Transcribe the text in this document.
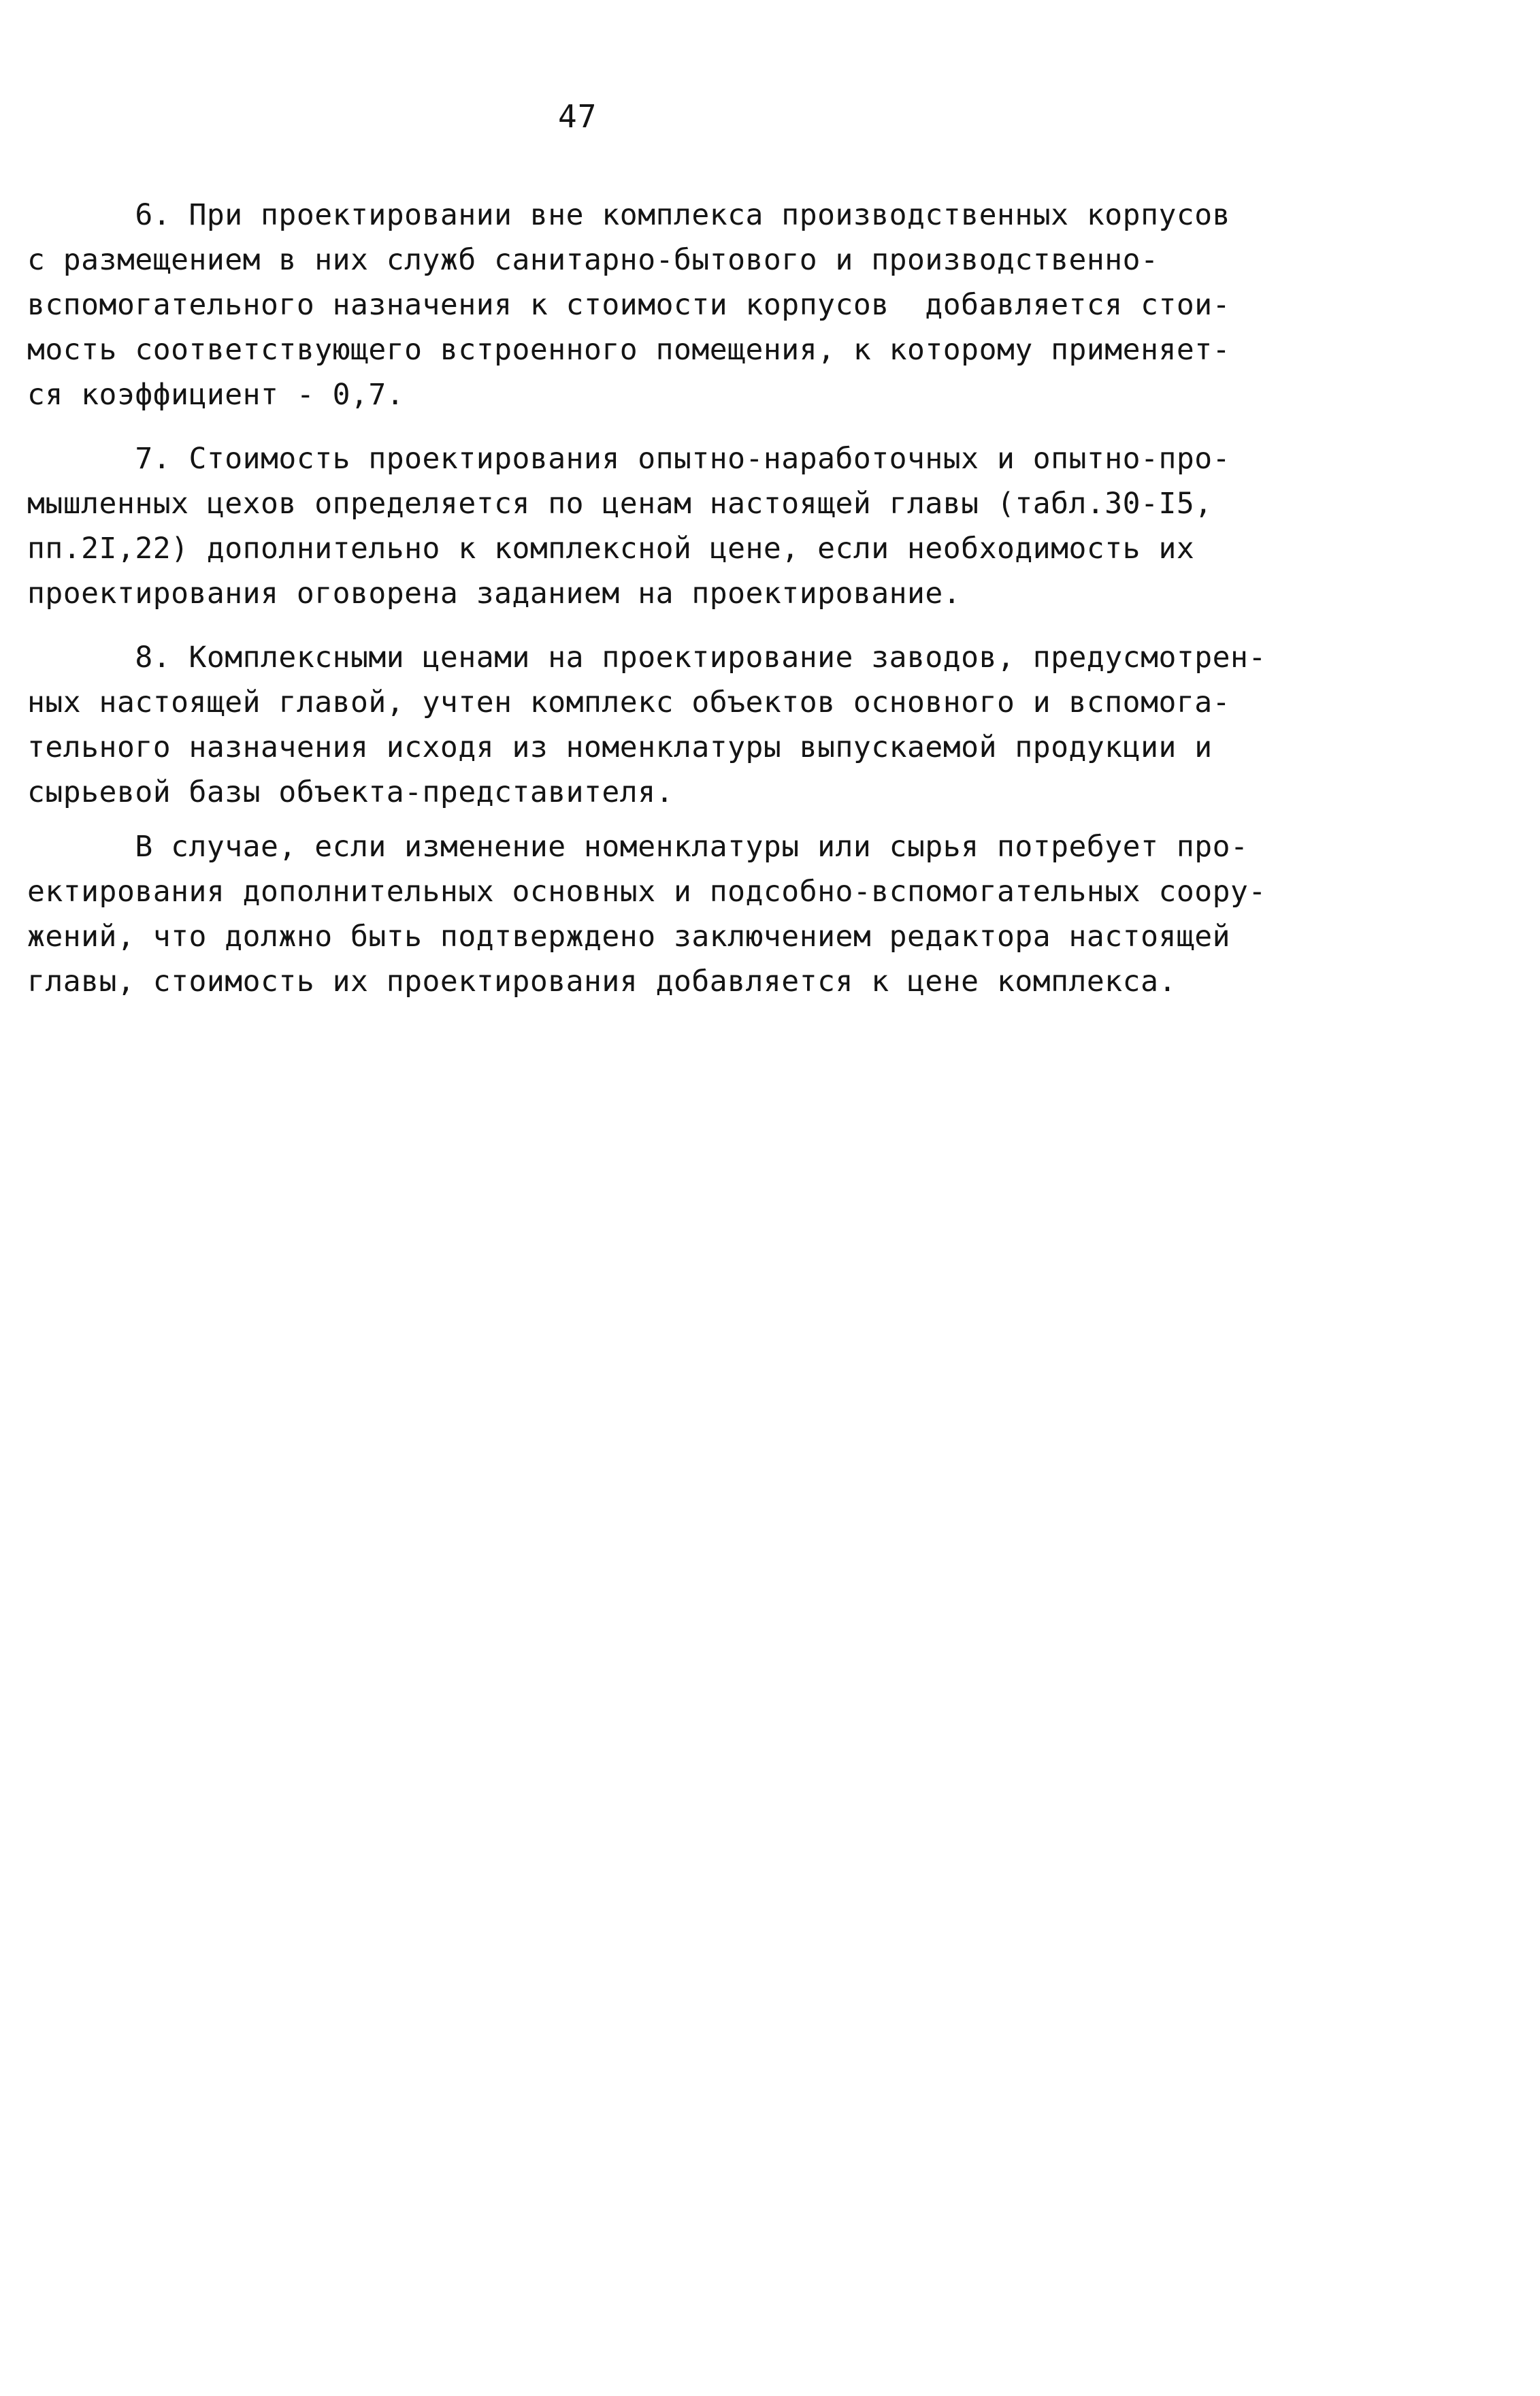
47

6. При проектировании вне комплекса производственных корпусов
с размещением в них служб санитарно-бытового и производственно-
вспомогательного назначения к стоимости корпусов  добавляется стои-
мость соответствующего встроенного помещения, к которому применяет-
ся коэффициент - 0,7.

7. Стоимость проектирования опытно-наработочных и опытно-про-
мышленных цехов определяется по ценам настоящей главы (табл.30-I5,
пп.2I,22) дополнительно к комплексной цене, если необходимость их
проектирования оговорена заданием на проектирование.

8. Комплексными ценами на проектирование заводов, предусмотрен-
ных настоящей главой, учтен комплекс объектов основного и вспомога-
тельного назначения исходя из номенклатуры выпускаемой продукции и
сырьевой базы объекта-представителя.

В случае, если изменение номенклатуры или сырья потребует про-
ектирования дополнительных основных и подсобно-вспомогательных соору-
жений, что должно быть подтверждено заключением редактора настоящей
главы, стоимость их проектирования добавляется к цене комплекса.
